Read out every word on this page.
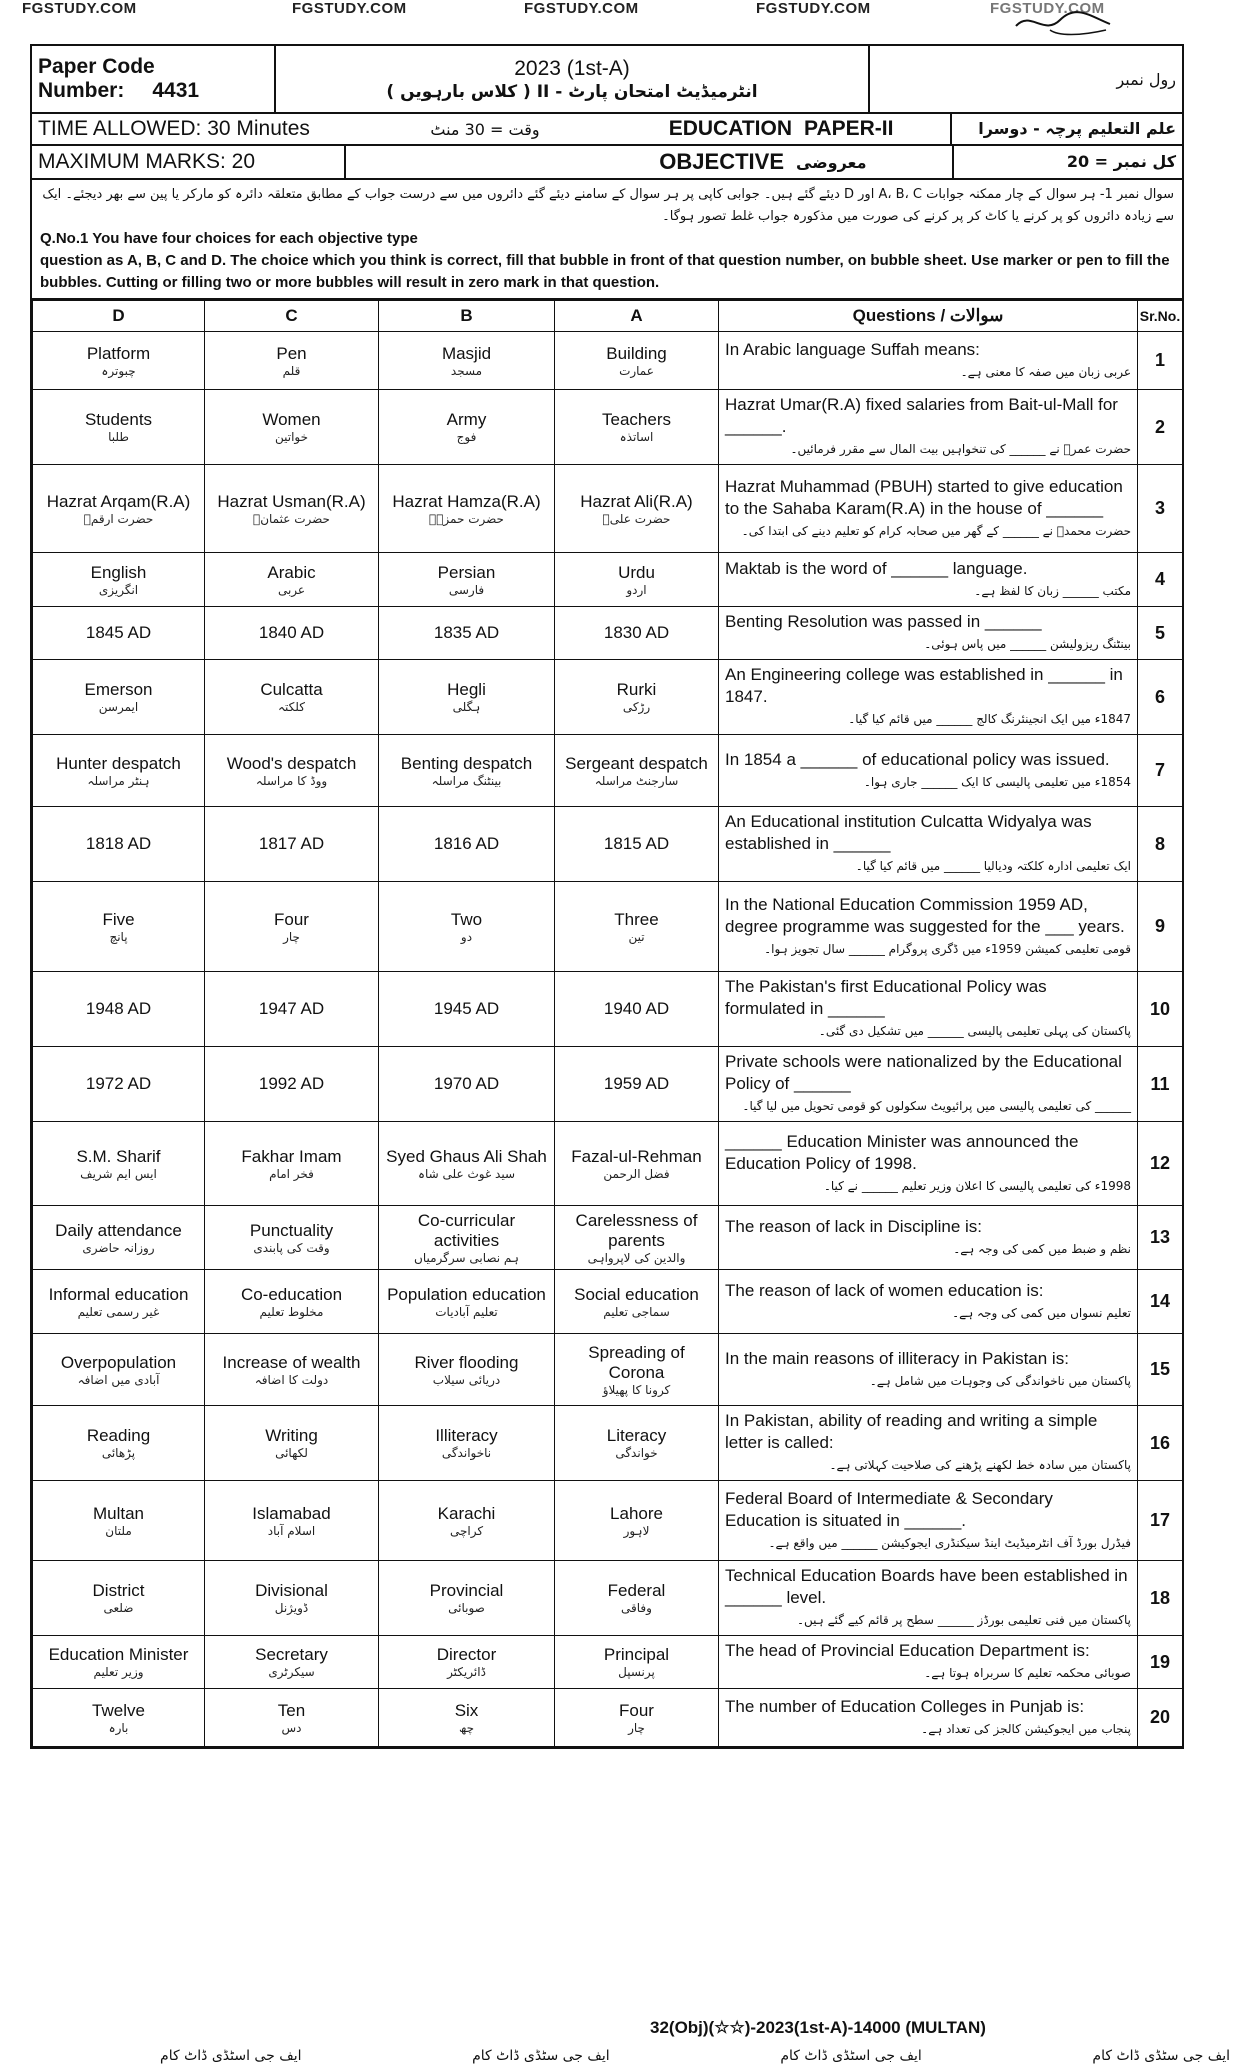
FGSTUDY.COM	FGSTUDY.COM	FGSTUDY.COM	FGSTUDY.COM	FGSTUDY.COM
Paper Code
Number: 4431
2023 (1st-A)
انٹرمیڈیٹ امتحان پارٹ - II ( کلاس بارہویں )
رول نمبر
TIME ALLOWED: 30 Minutes	وقت = 30 منٹ	EDUCATION PAPER-II	علم التعلیم پرچہ - دوسرا
MAXIMUM MARKS: 20	OBJECTIVE معروضی	کل نمبر = 20
سوال نمبر 1- ہر سوال کے چار ممکنہ جوابات A، B، C اور D دیئے گئے ہیں۔ جوابی کاپی پر ہر سوال کے سامنے دیئے گئے دائروں میں سے درست جواب کے مطابق متعلقہ دائرہ کو مارکر یا پین سے بھر دیجئے۔ ایک سے زیادہ دائروں کو پر کرنے یا کاٹ کر پر کرنے کی صورت میں مذکورہ جواب غلط تصور ہوگا۔
Q.No.1 You have four choices for each objective type
question as A, B, C and D. The choice which you think is correct, fill that bubble in front of that question number, on bubble sheet. Use marker or pen to fill the bubbles. Cutting or filling two or more bubbles will result in zero mark in that question.
D	C	B	A	Questions / سوالات	Sr.No.
Platform
چبوترہ	Pen
قلم	Masjid
مسجد	Building
عمارت	In Arabic language Suffah means:
عربی زبان میں صفہ کا معنی ہے۔	1
Students
طلبا	Women
خواتین	Army
فوج	Teachers
اساتذہ	Hazrat Umar(R.A) fixed salaries from Bait-ul-Mall for ______.
حضرت عمرؓ نے ______ کی تنخواہیں بیت المال سے مقرر فرمائیں۔	2
Hazrat Arqam(R.A)
حضرت ارقمؓ	Hazrat Usman(R.A)
حضرت عثمانؓ	Hazrat Hamza(R.A)
حضرت حمزہؓ	Hazrat Ali(R.A)
حضرت علیؓ	Hazrat Muhammad (PBUH) started to give education to the Sahaba Karam(R.A) in the house of ______
حضرت محمدؐ نے ______ کے گھر میں صحابہ کرام کو تعلیم دینے کی ابتدا کی۔	3
English
انگریزی	Arabic
عربی	Persian
فارسی	Urdu
اردو	Maktab is the word of ______ language.
مکتب ______ زبان کا لفظ ہے۔	4
1845 AD	1840 AD	1835 AD	1830 AD	Benting Resolution was passed in ______
بینٹنگ ریزولیشن ______ میں پاس ہوئی۔	5
Emerson
ایمرسن	Culcatta
کلکتہ	Hegli
ہگلی	Rurki
رڑکی	An Engineering college was established in ______ in 1847.
1847ء میں ایک انجینئرنگ کالج ______ میں قائم کیا گیا۔	6
Hunter despatch
ہنٹر مراسلہ	Wood's despatch
ووڈ کا مراسلہ	Benting despatch
بینٹنگ مراسلہ	Sergeant despatch
سارجنٹ مراسلہ	In 1854 a ______ of educational policy was issued.
1854ء میں تعلیمی پالیسی کا ایک ______ جاری ہوا۔	7
1818 AD	1817 AD	1816 AD	1815 AD	An Educational institution Culcatta Widyalya was established in ______
ایک تعلیمی ادارہ کلکتہ ودیالیا ______ میں قائم کیا گیا۔	8
Five
پانچ	Four
چار	Two
دو	Three
تین	In the National Education Commission 1959 AD, degree programme was suggested for the ___ years.
قومی تعلیمی کمیشن 1959ء میں ڈگری پروگرام ______ سال تجویز ہوا۔	9
1948 AD	1947 AD	1945 AD	1940 AD	The Pakistan's first Educational Policy was formulated in ______
پاکستان کی پہلی تعلیمی پالیسی ______ میں تشکیل دی گئی۔	10
1972 AD	1992 AD	1970 AD	1959 AD	Private schools were nationalized by the Educational Policy of ______
______ کی تعلیمی پالیسی میں پرائیویٹ سکولوں کو قومی تحویل میں لیا گیا۔	11
S.M. Sharif
ایس ایم شریف	Fakhar Imam
فخر امام	Syed Ghaus Ali Shah
سید غوث علی شاہ	Fazal-ul-Rehman
فضل الرحمن	______ Education Minister was announced the Education Policy of 1998.
1998ء کی تعلیمی پالیسی کا اعلان وزیر تعلیم ______ نے کیا۔	12
Daily attendance
روزانہ حاضری	Punctuality
وقت کی پابندی	Co-curricular activities
ہم نصابی سرگرمیاں	Carelessness of parents
والدین کی لاپرواہی	The reason of lack in Discipline is:
نظم و ضبط میں کمی کی وجہ ہے۔	13
Informal education
غیر رسمی تعلیم	Co-education
مخلوط تعلیم	Population education
تعلیم آبادیات	Social education
سماجی تعلیم	The reason of lack of women education is:
تعلیم نسواں میں کمی کی وجہ ہے۔	14
Overpopulation
آبادی میں اضافہ	Increase of wealth
دولت کا اضافہ	River flooding
دریائی سیلاب	Spreading of Corona
کرونا کا پھیلاؤ	In the main reasons of illiteracy in Pakistan is:
پاکستان میں ناخواندگی کی وجوہات میں شامل ہے۔	15
Reading
پڑھائی	Writing
لکھائی	Illiteracy
ناخواندگی	Literacy
خواندگی	In Pakistan, ability of reading and writing a simple letter is called:
پاکستان میں سادہ خط لکھنے پڑھنے کی صلاحیت کہلاتی ہے۔	16
Multan
ملتان	Islamabad
اسلام آباد	Karachi
کراچی	Lahore
لاہور	Federal Board of Intermediate & Secondary Education is situated in ______.
فیڈرل بورڈ آف انٹرمیڈیٹ اینڈ سیکنڈری ایجوکیشن ______ میں واقع ہے۔	17
District
ضلعی	Divisional
ڈویژنل	Provincial
صوبائی	Federal
وفاقی	Technical Education Boards have been established in ______ level.
پاکستان میں فنی تعلیمی بورڈز ______ سطح پر قائم کیے گئے ہیں۔	18
Education Minister
وزیر تعلیم	Secretary
سیکرٹری	Director
ڈائریکٹر	Principal
پرنسپل	The head of Provincial Education Department is:
صوبائی محکمہ تعلیم کا سربراہ ہوتا ہے۔	19
Twelve
بارہ	Ten
دس	Six
چھ	Four
چار	The number of Education Colleges in Punjab is:
پنجاب میں ایجوکیشن کالجز کی تعداد ہے۔	20
32(Obj)(☆☆)-2023(1st-A)-14000 (MULTAN)
ایف جی سٹڈی ڈاٹ کام
ایف جی اسٹڈی ڈاٹ کام
ایف جی سٹڈی ڈاٹ کام
ایف جی اسٹڈی ڈاٹ کام
